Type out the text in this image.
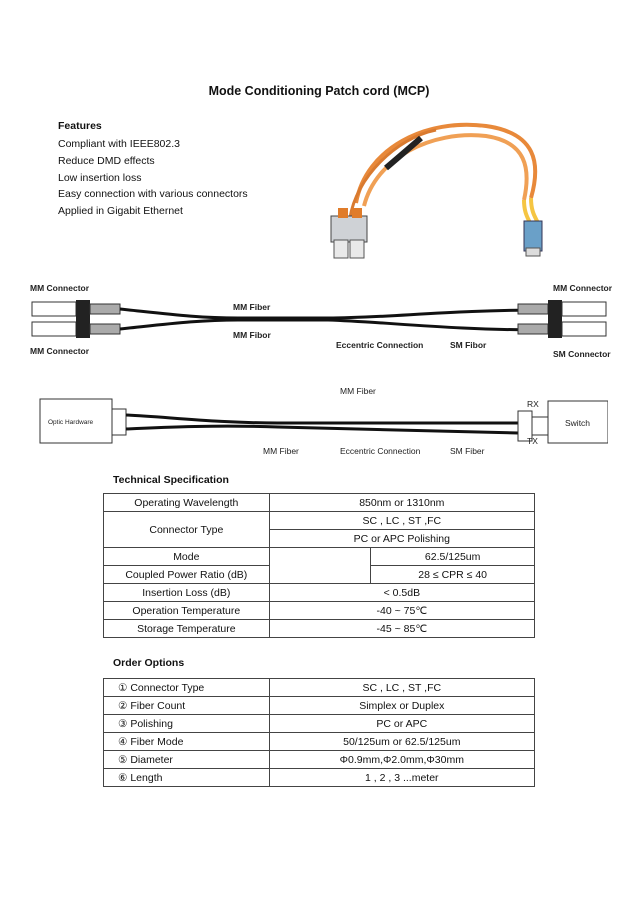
Mode Conditioning Patch cord (MCP)
Features
Compliant with IEEE802.3
Reduce DMD effects
Low insertion loss
Easy connection with various connectors
Applied in Gigabit Ethernet
MM Connector
MM Connector
MM Fiber
MM Fibor
Eccentric Connection	SM Fibor
MM Connector
SM Connector
Optic Hardware
MM Fiber
MM Fiber	Eccentric Connection	SM Fiber
RX
TX
Switch
Technical Specification
Operating Wavelength	850nm or 1310nm	
Connector Type	SC , LC , ST ,FC	
	PC or APC Polishing	
Mode		62.5/125um
Coupled Power Ratio (dB)		28 ≤ CPR ≤ 40
Insertion Loss (dB)	< 0.5dB	
Operation Temperature	-40 ~ 75℃	
Storage Temperature	-45 ~ 85℃	
Order Options
① Connector Type	SC , LC , ST ,FC
② Fiber Count	Simplex or Duplex
③ Polishing	PC or APC
④ Fiber Mode	50/125um or 62.5/125um
⑤ Diameter	Φ0.9mm,Φ2.0mm,Φ30mm
⑥ Length	1 , 2 , 3 ...meter
